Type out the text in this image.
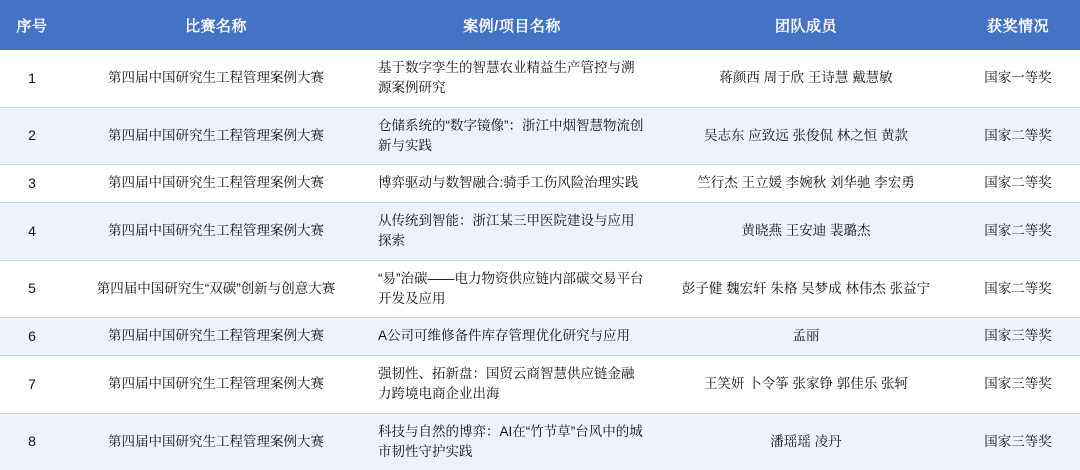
序号	比赛名称	案例/项目名称	团队成员	获奖情况
1	第四届中国研究生工程管理案例大赛	基于数字孪生的智慧农业精益生产管控与溯源案例研究	蒋颜西 周于欣 王诗慧 戴慧敏	国家一等奖
2	第四届中国研究生工程管理案例大赛	仓储系统的“数字镜像”：浙江中烟智慧物流创新与实践	吴志东 应致远 张俊侃 林之恒 黄款	国家二等奖
3	第四届中国研究生工程管理案例大赛	博弈驱动与数智融合:骑手工伤风险治理实践	竺行杰 王立媛 李婉秋 刘华驰 李宏勇	国家二等奖
4	第四届中国研究生工程管理案例大赛	从传统到智能：浙江某三甲医院建设与应用探索	黄晓燕 王安迪 裴璐杰	国家二等奖
5	第四届中国研究生“双碳”创新与创意大赛	“易”治碳——电力物资供应链内部碳交易平台开发及应用	彭子健 魏宏轩 朱格 吴梦成 林伟杰 张益宁	国家二等奖
6	第四届中国研究生工程管理案例大赛	A公司可维修备件库存管理优化研究与应用	孟丽	国家三等奖
7	第四届中国研究生工程管理案例大赛	强韧性、拓新盘：国贸云商智慧供应链金融力跨境电商企业出海	王笑妍 卜令筝 张家铮 郭佳乐 张轲	国家三等奖
8	第四届中国研究生工程管理案例大赛	科技与自然的博弈：AI在“竹节草”台风中的城市韧性守护实践	潘瑶瑶 凌丹	国家三等奖
